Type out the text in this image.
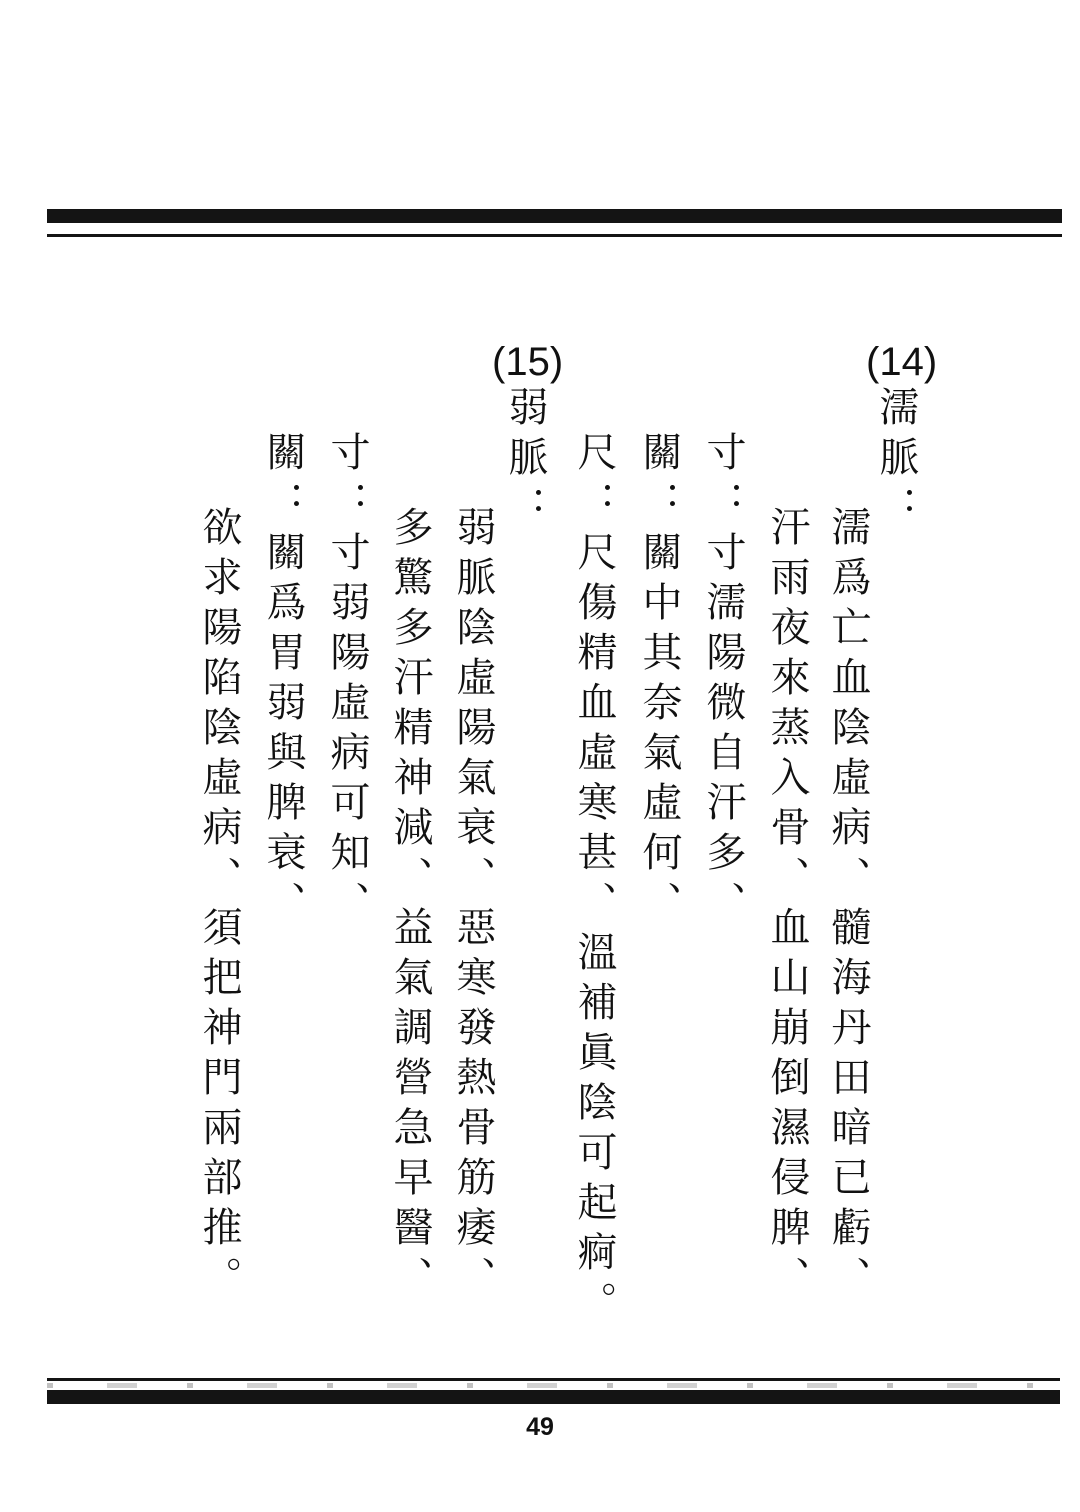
(14)
濡脈：
濡爲亡血陰虛病、髓海丹田暗已虧、
汗雨夜來蒸入骨、血山崩倒濕侵脾、
寸：寸濡陽微自汗多、
關：關中其奈氣虛何、
尺：尺傷精血虛寒甚、溫補眞陰可起痾。
(15)
弱脈：
弱脈陰虛陽氣衰、惡寒發熱骨筋痿、
多驚多汗精神減、益氣調營急早醫、
寸：寸弱陽虛病可知、
關：關爲胃弱與脾衰、
欲求陽陷陰虛病、須把神門兩部推。
49
